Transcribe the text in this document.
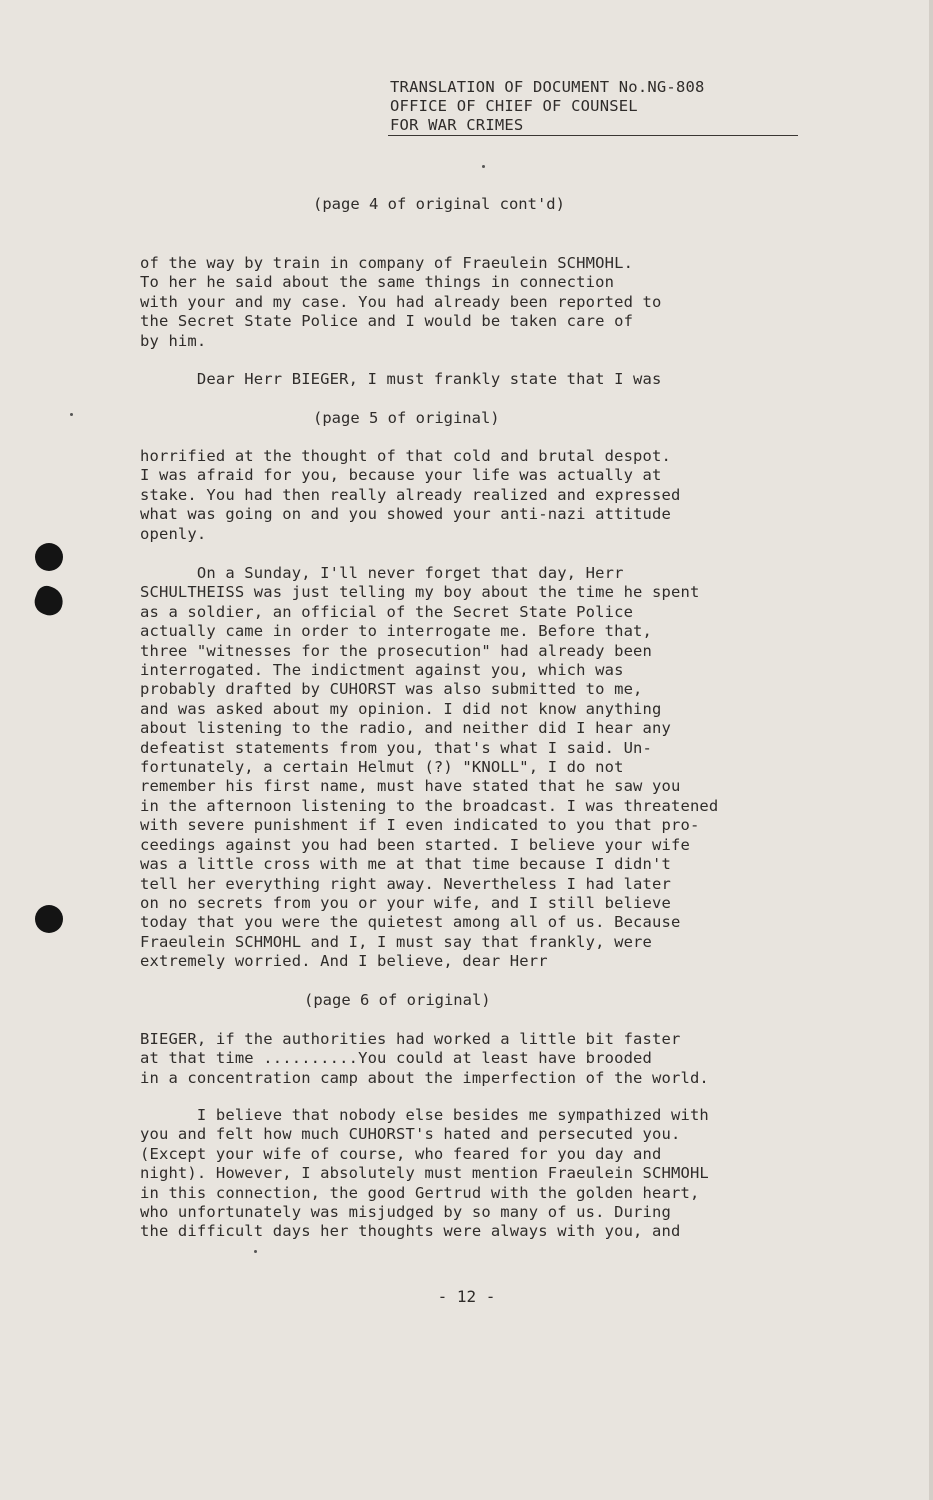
TRANSLATION OF DOCUMENT No.NG-808
OFFICE OF CHIEF OF COUNSEL
FOR WAR CRIMES
(page 4 of original cont'd)
of the way by train in company of Fraeulein SCHMOHL.
To her he said about the same things in connection
with your and my case. You had already been reported to
the Secret State Police and I would be taken care of
by him.
Dear Herr BIEGER, I must frankly state that I was
(page 5 of original)
horrified at the thought of that cold and brutal despot.
I was afraid for you, because your life was actually at
stake. You had then really already realized and expressed
what was going on and you showed your anti-nazi attitude
openly.
On a Sunday, I'll never forget that day, Herr
SCHULTHEISS was just telling my boy about the time he spent
as a soldier, an official of the Secret State Police
actually came in order to interrogate me. Before that,
three "witnesses for the prosecution" had already been
interrogated. The indictment against you, which was
probably drafted by CUHORST was also submitted to me,
and was asked about my opinion. I did not know anything
about listening to the radio, and neither did I hear any
defeatist statements from you, that's what I said. Un-
fortunately, a certain Helmut (?) "KNOLL", I do not
remember his first name, must have stated that he saw you
in the afternoon listening to the broadcast. I was threatened
with severe punishment if I even indicated to you that pro-
ceedings against you had been started. I believe your wife
was a little cross with me at that time because I didn't
tell her everything right away. Nevertheless I had later
on no secrets from you or your wife, and I still believe
today that you were the quietest among all of us. Because
Fraeulein SCHMOHL and I, I must say that frankly, were
extremely worried. And I believe, dear Herr
(page 6 of original)
BIEGER, if the authorities had worked a little bit faster
at that time ..........You could at least have brooded
in a concentration camp about the imperfection of the world.
I believe that nobody else besides me sympathized with
you and felt how much CUHORST's hated and persecuted you.
(Except your wife of course, who feared for you day and
night). However, I absolutely must mention Fraeulein SCHMOHL
in this connection, the good Gertrud with the golden heart,
who unfortunately was misjudged by so many of us. During
the difficult days her thoughts were always with you, and
- 12 -
